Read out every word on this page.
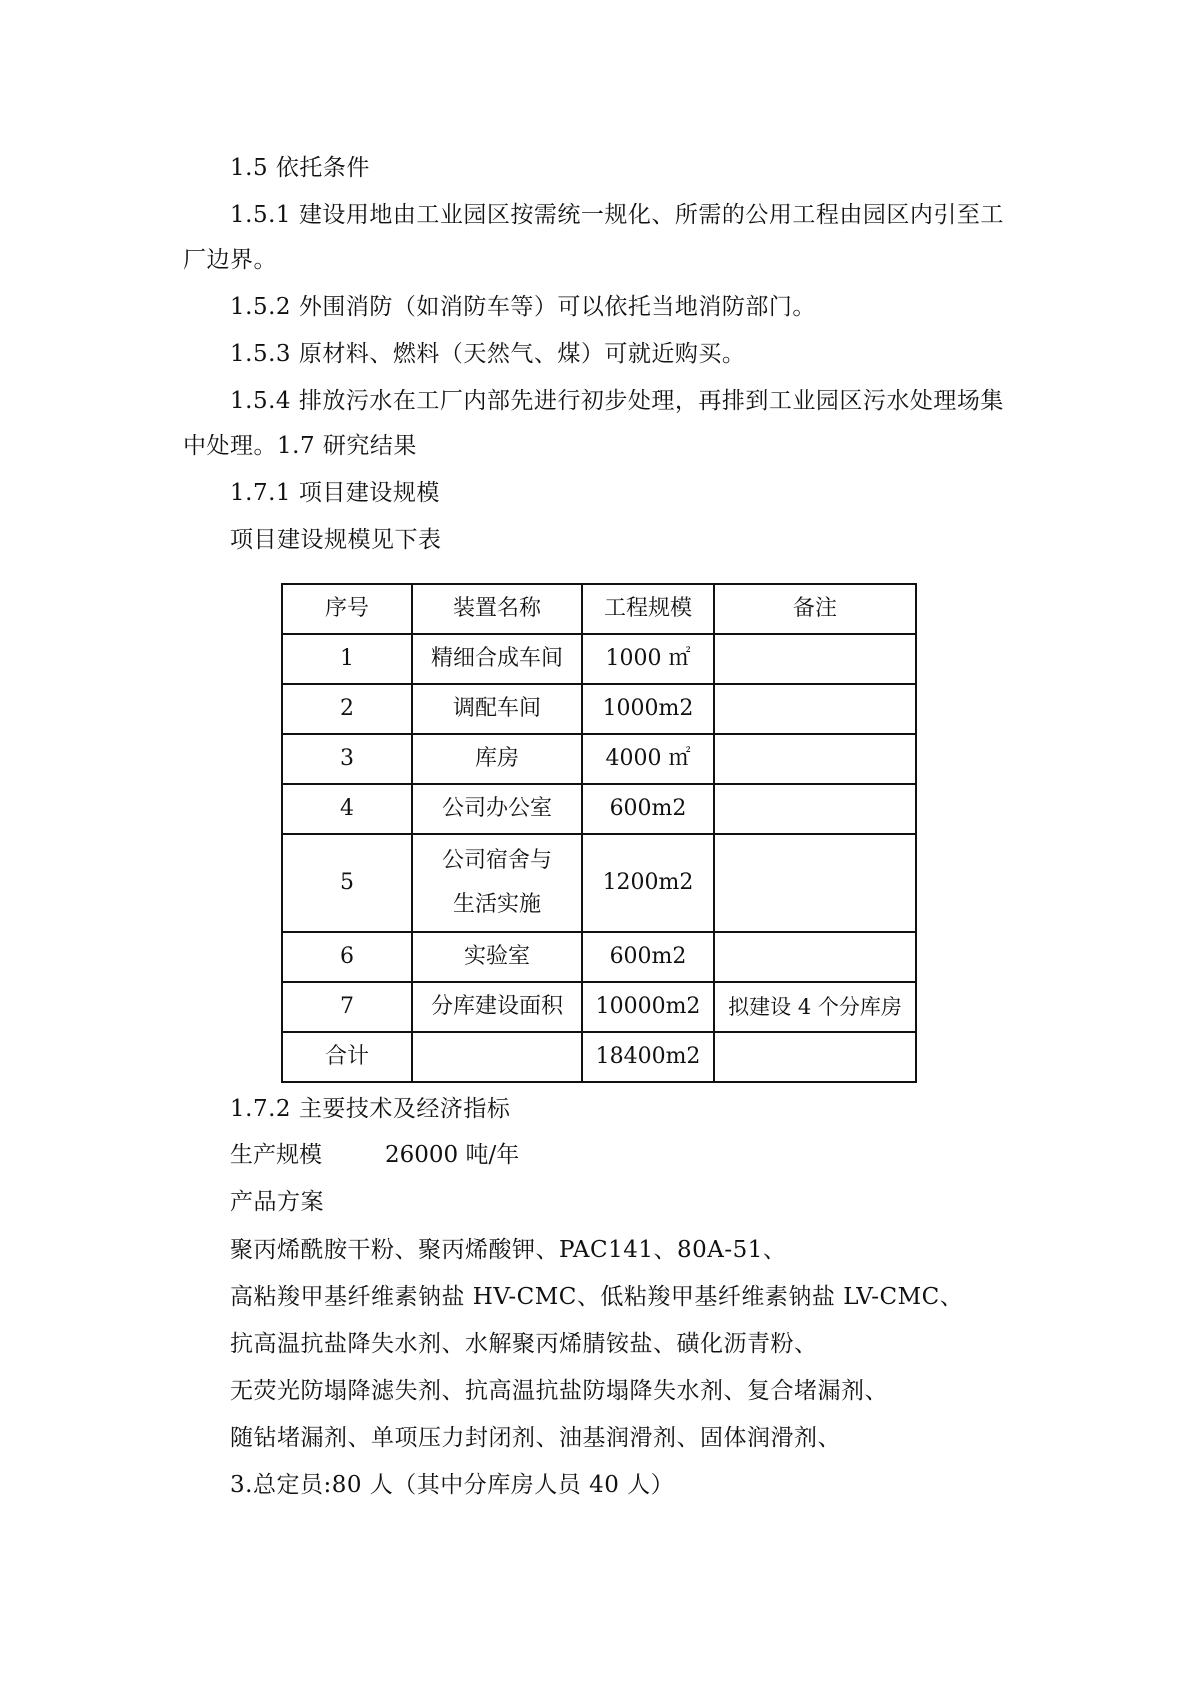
1.5 依托条件
1.5.1 建设用地由工业园区按需统一规化、所需的公用工程由园区内引至工
厂边界。
1.5.2 外围消防（如消防车等）可以依托当地消防部门。
1.5.3 原材料、燃料（天然气、煤）可就近购买。
1.5.4 排放污水在工厂内部先进行初步处理，再排到工业园区污水处理场集
中处理。1.7 研究结果
1.7.1 项目建设规模
项目建设规模见下表
序号	装置名称	工程规模	备注
1	精细合成车间	1000 ㎡	
2	调配车间	1000m2	
3	库房	4000 ㎡	
4	公司办公室	600m2	
5	公司宿舍与生活实施	1200m2	
6	实验室	600m2	
7	分库建设面积	10000m2	拟建设 4 个分库房
合计		18400m2	
1.7.2 主要技术及经济指标
生产规模	26000 吨/年
产品方案
聚丙烯酰胺干粉、聚丙烯酸钾、PAC141、80A-51、
高粘羧甲基纤维素钠盐 HV-CMC、低粘羧甲基纤维素钠盐 LV-CMC、
抗高温抗盐降失水剂、水解聚丙烯腈铵盐、磺化沥青粉、
无荧光防塌降滤失剂、抗高温抗盐防塌降失水剂、复合堵漏剂、
随钻堵漏剂、单项压力封闭剂、油基润滑剂、固体润滑剂、
3.总定员:80 人（其中分库房人员 40 人）
